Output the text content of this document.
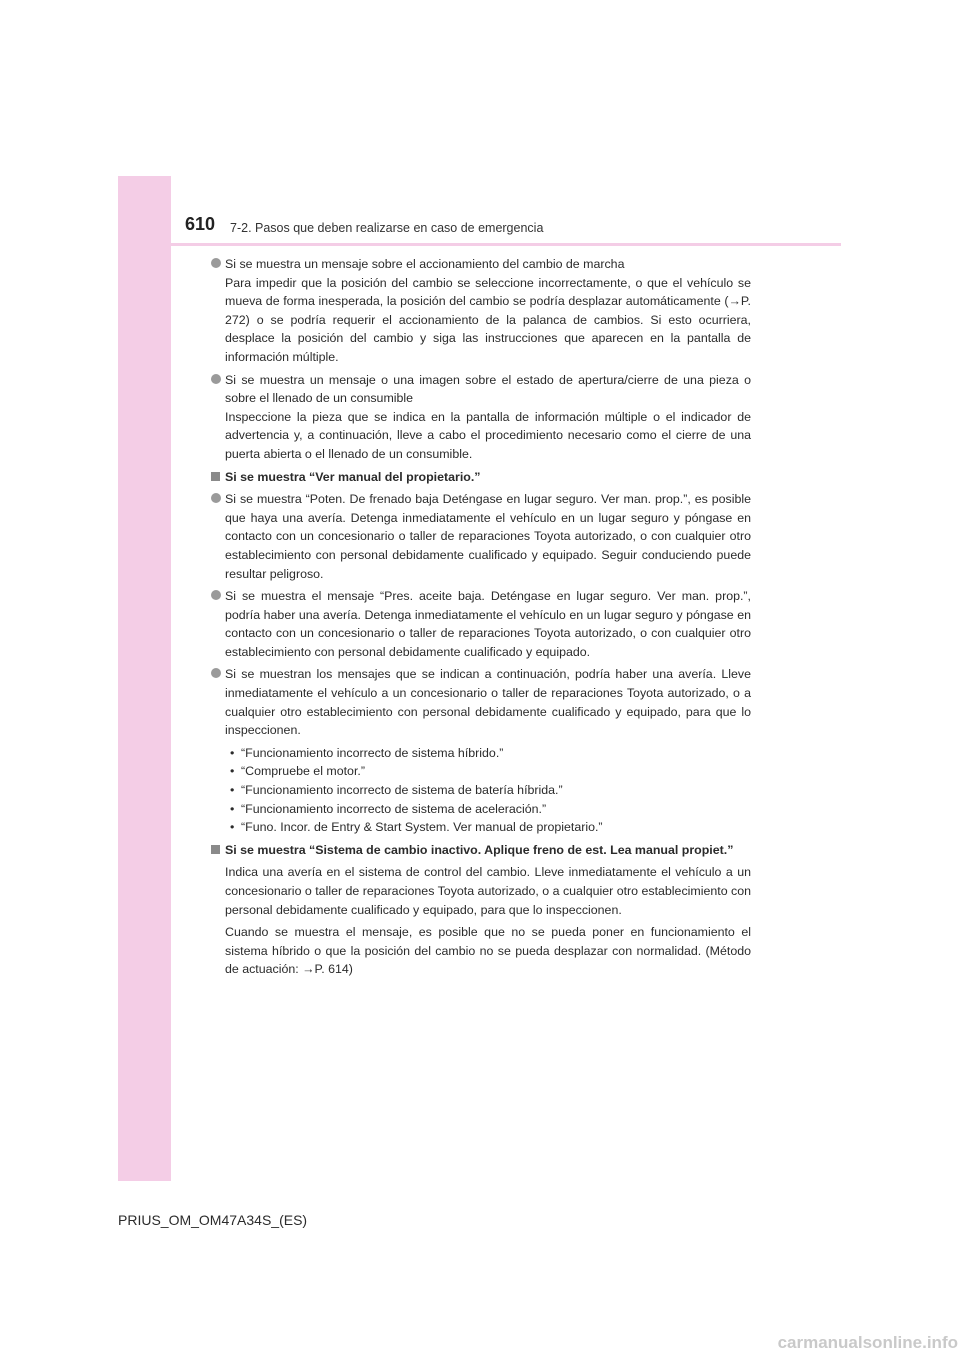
610 7-2. Pasos que deben realizarse en caso de emergencia

Si se muestra un mensaje sobre el accionamiento del cambio de marcha

Para impedir que la posición del cambio se seleccione incorrectamente, o que el vehículo se mueva de forma inesperada, la posición del cambio se podría desplazar automáticamente (→P. 272) o se podría requerir el accionamiento de la palanca de cambios. Si esto ocurriera, desplace la posición del cambio y siga las instrucciones que aparecen en la pantalla de información múltiple.

Si se muestra un mensaje o una imagen sobre el estado de apertura/cierre de una pieza o sobre el llenado de un consumible

Inspeccione la pieza que se indica en la pantalla de información múltiple o el indicador de advertencia y, a continuación, lleve a cabo el procedimiento necesario como el cierre de una puerta abierta o el llenado de un consumible.

Si se muestra “Ver manual del propietario.”

Si se muestra “Poten. De frenado baja Deténgase en lugar seguro. Ver man. prop.”, es posible que haya una avería. Detenga inmediatamente el vehículo en un lugar seguro y póngase en contacto con un concesionario o taller de reparaciones Toyota autorizado, o con cualquier otro establecimiento con personal debidamente cualificado y equipado. Seguir conduciendo puede resultar peligroso.

Si se muestra el mensaje “Pres. aceite baja. Deténgase en lugar seguro. Ver man. prop.”, podría haber una avería. Detenga inmediatamente el vehículo en un lugar seguro y póngase en contacto con un concesionario o taller de reparaciones Toyota autorizado, o con cualquier otro establecimiento con personal debidamente cualificado y equipado.

Si se muestran los mensajes que se indican a continuación, podría haber una avería. Lleve inmediatamente el vehículo a un concesionario o taller de reparaciones Toyota autorizado, o a cualquier otro establecimiento con personal debidamente cualificado y equipado, para que lo inspeccionen.

• “Funcionamiento incorrecto de sistema híbrido.”
• “Compruebe el motor.”
• “Funcionamiento incorrecto de sistema de batería híbrida.”
• “Funcionamiento incorrecto de sistema de aceleración.”
• “Funo. Incor. de Entry & Start System. Ver manual de propietario.”
Si se muestra “Sistema de cambio inactivo. Aplique freno de est. Lea manual propiet.”

Indica una avería en el sistema de control del cambio. Lleve inmediatamente el vehículo a un concesionario o taller de reparaciones Toyota autorizado, o a cualquier otro establecimiento con personal debidamente cualificado y equipado, para que lo inspeccionen.

Cuando se muestra el mensaje, es posible que no se pueda poner en funcionamiento el sistema híbrido o que la posición del cambio no se pueda desplazar con normalidad. (Método de actuación: →P. 614)

PRIUS_OM_OM47A34S_(ES)
carmanualsonline.info
